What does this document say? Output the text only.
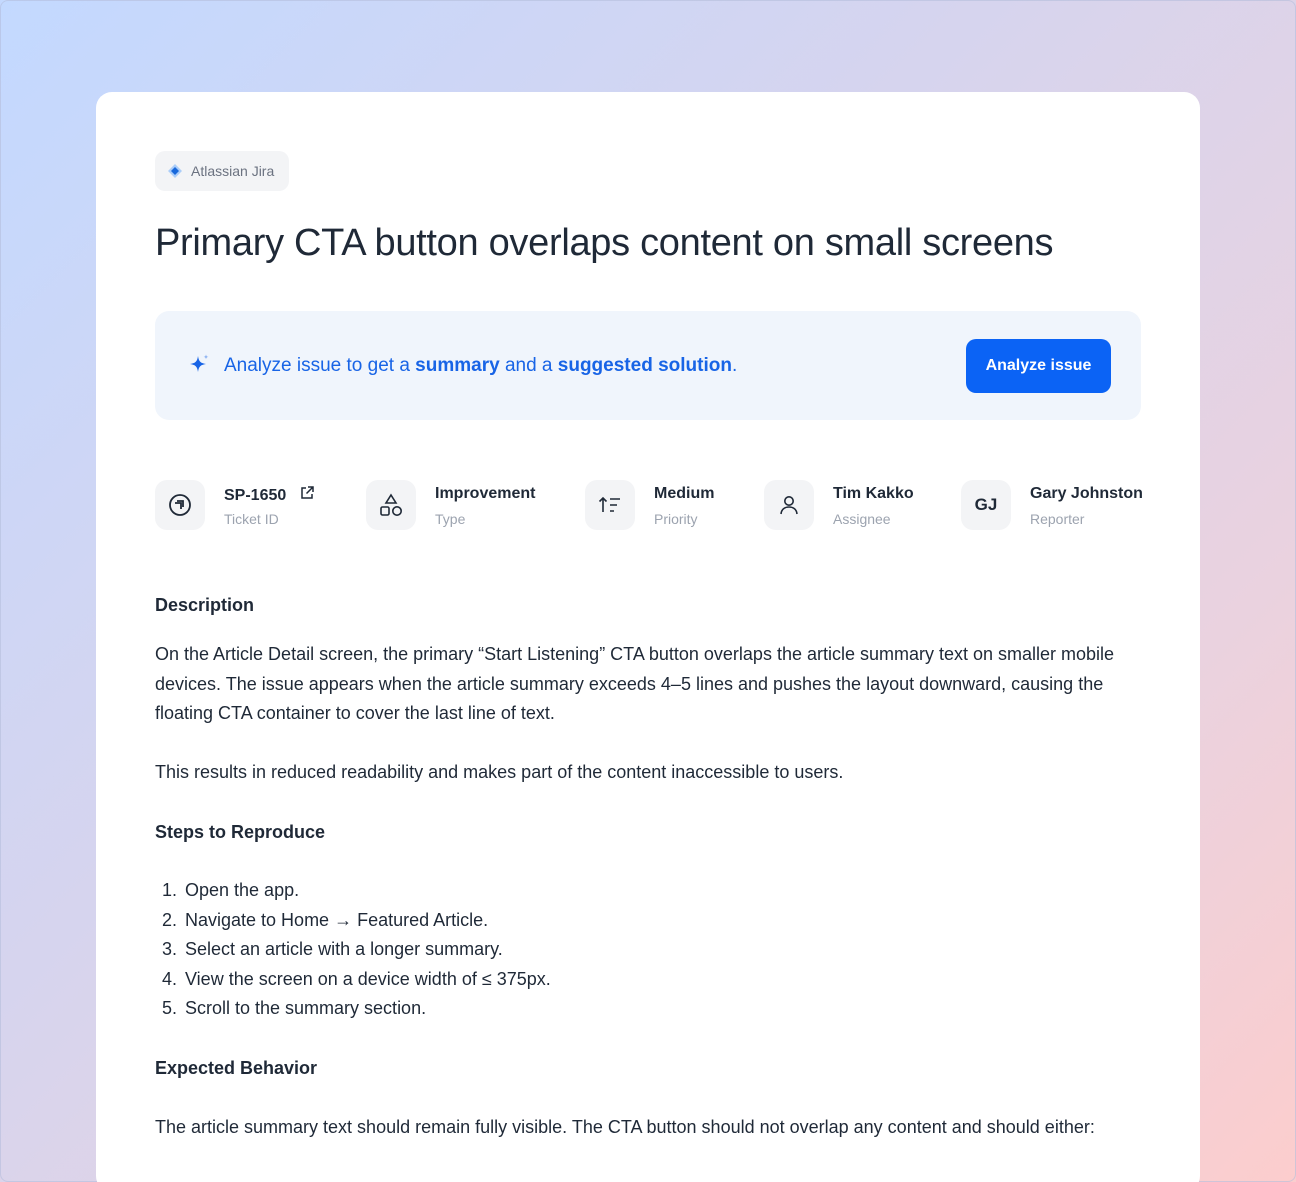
Atlassian Jira
Primary CTA button overlaps content on small screens
Analyze issue to get a summary and a suggested solution.	Analyze issue
SP-1650
Ticket ID
Improvement
Type
Medium
Priority
Tim Kakko
Assignee
GJ
Gary Johnston
Reporter
Description

On the Article Detail screen, the primary “Start Listening” CTA button overlaps the article summary text on smaller mobile devices. The issue appears when the article summary exceeds 4–5 lines and pushes the layout downward, causing the floating CTA container to cover the last line of text.

This results in reduced readability and makes part of the content inaccessible to users.

Steps to Reproduce
1. Open the app.
2. Navigate to Home → Featured Article.
3. Select an article with a longer summary.
4. View the screen on a device width of ≤ 375px.
5. Scroll to the summary section.
Expected Behavior

The article summary text should remain fully visible. The CTA button should not overlap any content and should either:
